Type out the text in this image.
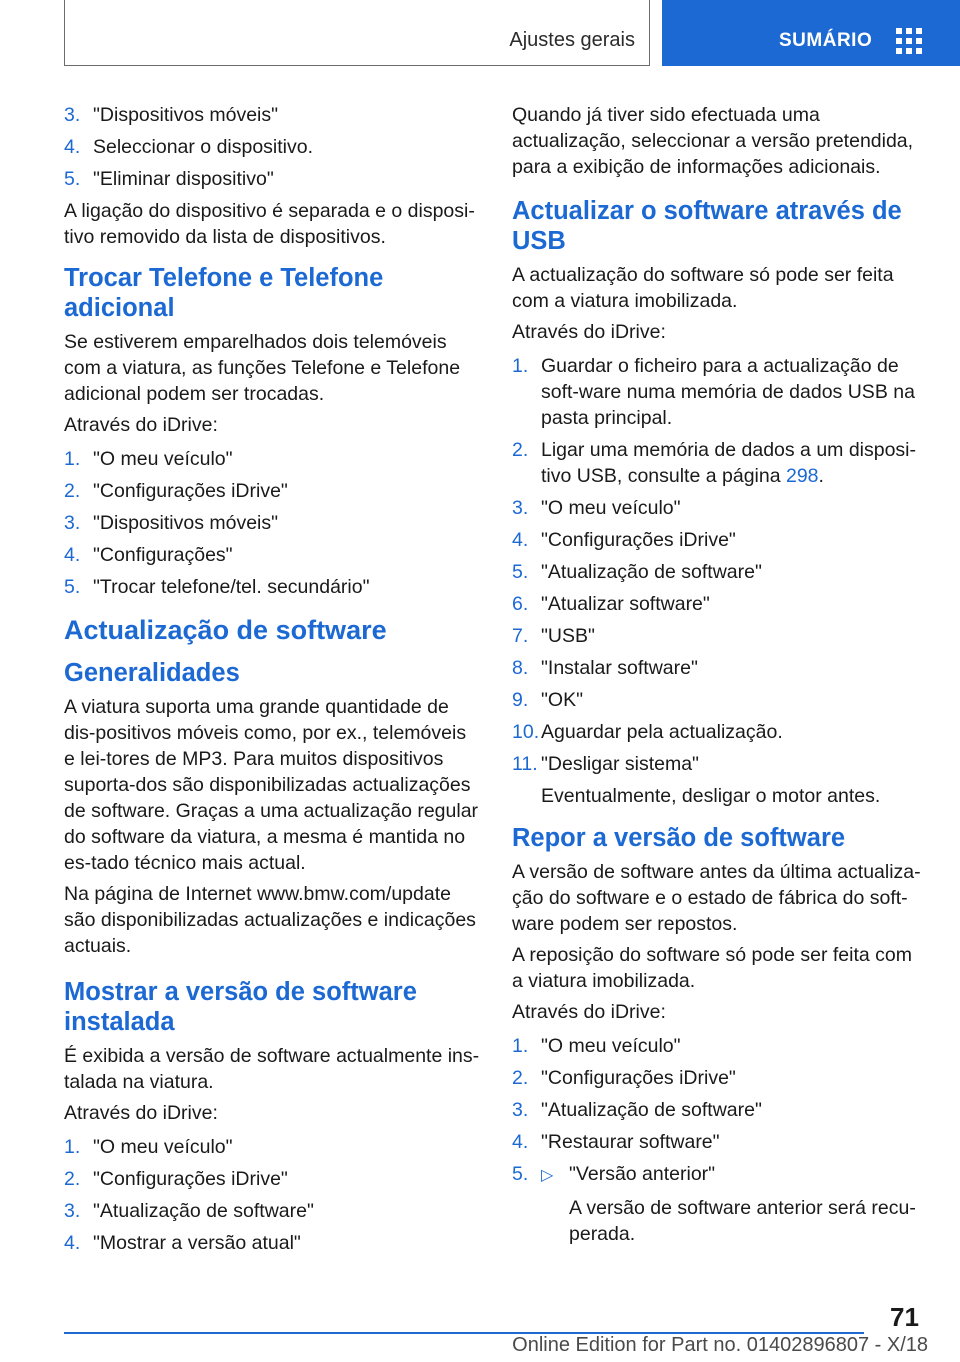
Ajustes gerais	SUMÁRIO
3. "Dispositivos móveis"
4. Seleccionar o dispositivo.
5. "Eliminar dispositivo"

A ligação do dispositivo é separada e o disposi-tivo removido da lista de dispositivos.

Trocar Telefone e Telefone adicional

Se estiverem emparelhados dois telemóveis com a viatura, as funções Telefone e Telefone adicional podem ser trocadas.

Através do iDrive:

1. "O meu veículo"
2. "Configurações iDrive"
3. "Dispositivos móveis"
4. "Configurações"
5. "Trocar telefone/tel. secundário"
Actualização de software
Generalidades

A viatura suporta uma grande quantidade de dis-positivos móveis como, por ex., telemóveis e lei-tores de MP3. Para muitos dispositivos suporta-dos são disponibilizadas actualizações de software. Graças a uma actualização regular do software da viatura, a mesma é mantida no es-tado técnico mais actual.

Na página de Internet www.bmw.com/update são disponibilizadas actualizações e indicações actuais.

Mostrar a versão de software instalada

É exibida a versão de software actualmente ins-talada na viatura.

Através do iDrive:

1. "O meu veículo"
2. "Configurações iDrive"
3. "Atualização de software"
4. "Mostrar a versão atual"

Quando já tiver sido efectuada uma actualização, seleccionar a versão pretendida, para a exibição de informações adicionais.

Actualizar o software através de USB

A actualização do software só pode ser feita com a viatura imobilizada.

Através do iDrive:

1. Guardar o ficheiro para a actualização de soft-ware numa memória de dados USB na pasta principal.
2. Ligar uma memória de dados a um disposi-tivo USB, consulte a página 298.
3. "O meu veículo"
4. "Configurações iDrive"
5. "Atualização de software"
6. "Atualizar software"
7. "USB"
8. "Instalar software"
9. "OK"
10. Aguardar pela actualização.
11. "Desligar sistema"
Eventualmente, desligar o motor antes.
Repor a versão de software

A versão de software antes da última actualiza-ção do software e o estado de fábrica do soft-ware podem ser repostos.

A reposição do software só pode ser feita com a viatura imobilizada.

Através do iDrive:

1. "O meu veículo"
2. "Configurações iDrive"
3. "Atualização de software"
4. "Restaurar software"
5. ▷ "Versão anterior"
A versão de software anterior será recu-perada.
71
Online Edition for Part no. 01402896807 - X/18
